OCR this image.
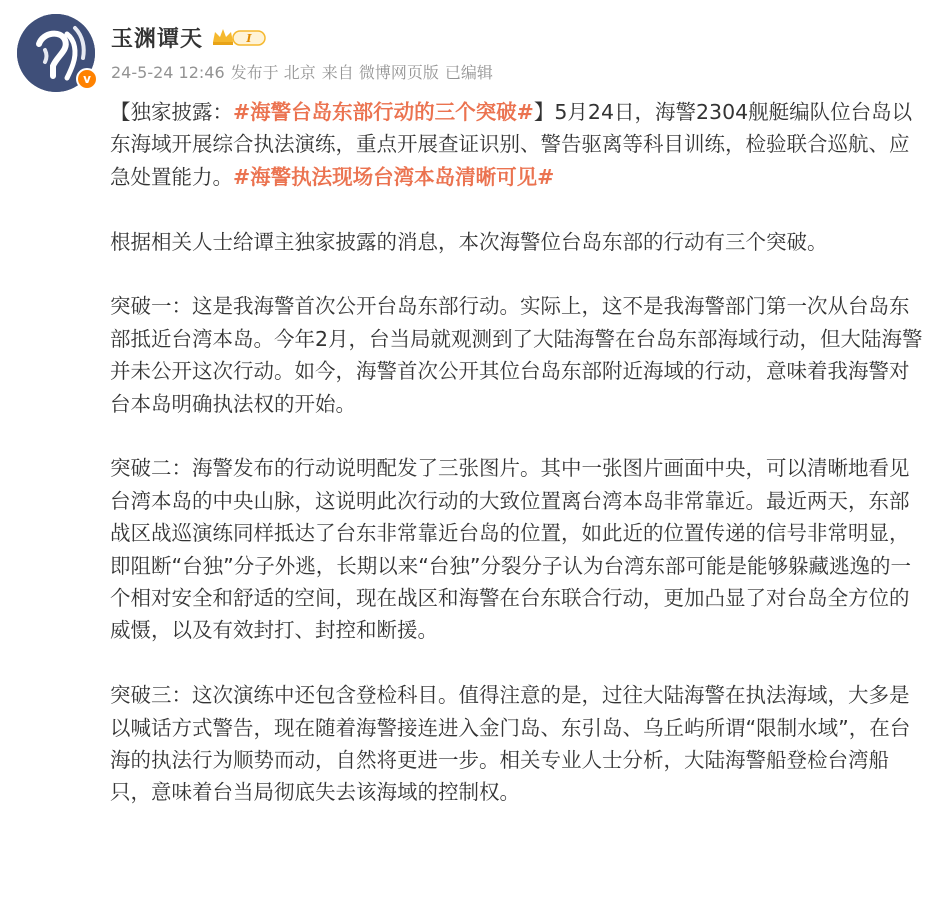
v
玉渊谭天	I
24-5-24 12:46 发布于 北京 来自 微博网页版 已编辑

【独家披露：#海警台岛东部行动的三个突破#】5月24日，海警2304舰艇编队位台岛以东海域开展综合执法演练，重点开展查证识别、警告驱离等科目训练，检验联合巡航、应急处置能力。#海警执法现场台湾本岛清晰可见#

根据相关人士给谭主独家披露的消息，本次海警位台岛东部的行动有三个突破。

突破一：这是我海警首次公开台岛东部行动。实际上，这不是我海警部门第一次从台岛东部抵近台湾本岛。今年2月，台当局就观测到了大陆海警在台岛东部海域行动，但大陆海警并未公开这次行动。如今，海警首次公开其位台岛东部附近海域的行动，意味着我海警对台本岛明确执法权的开始。

突破二：海警发布的行动说明配发了三张图片。其中一张图片画面中央，可以清晰地看见台湾本岛的中央山脉，这说明此次行动的大致位置离台湾本岛非常靠近。最近两天，东部战区战巡演练同样抵达了台东非常靠近台岛的位置，如此近的位置传递的信号非常明显，即阻断“台独”分子外逃，长期以来“台独”分裂分子认为台湾东部可能是能够躲藏逃逸的一个相对安全和舒适的空间，现在战区和海警在台东联合行动，更加凸显了对台岛全方位的威慑，以及有效封打、封控和断援。

突破三：这次演练中还包含登检科目。值得注意的是，过往大陆海警在执法海域，大多是以喊话方式警告，现在随着海警接连进入金门岛、东引岛、乌丘屿所谓“限制水域”，在台海的执法行为顺势而动，自然将更进一步。相关专业人士分析，大陆海警船登检台湾船只，意味着台当局彻底失去该海域的控制权。
